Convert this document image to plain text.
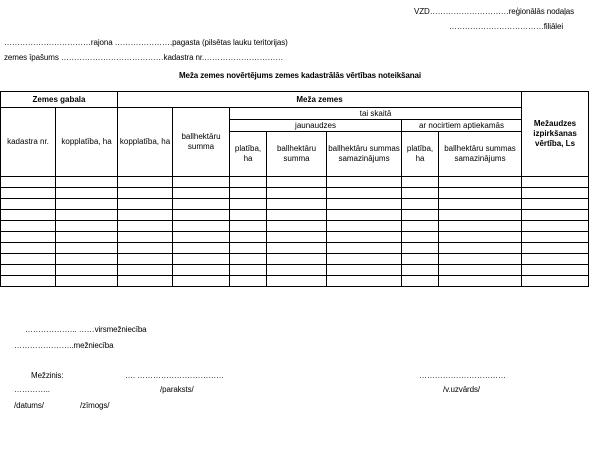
VZD…………………………reģionālās nodaļas
………………………………filiālei
……………………………rajona ………………….pagasta (pilsētas lauku teritorijas)
zemes īpašums …………………………………kadastra nr.…………………………
Meža zemes novērtējums zemes kadastrālās vērtības noteikšanai
Zemes gabala		Meža zemes							Mežaudzes izpirkšanas vērtība, Ls
kadastra nr.	kopplatība, ha	kopplatība, ha	ballhektāru summa	tai skaitā					
				jaunaudzes			ar nocirtiem aptiekamās		
				platība, ha	ballhektāru summa	ballhektāru summas samazinājums	platība, ha	ballhektāru summas samazinājums	

……………….. ……virsmežniecība
…………………..mežniecība
Mežzinis:	…. ……………………………	……………………………
…………..	/paraksts/	/v.uzvārds/
/datums/	/zīmogs/
